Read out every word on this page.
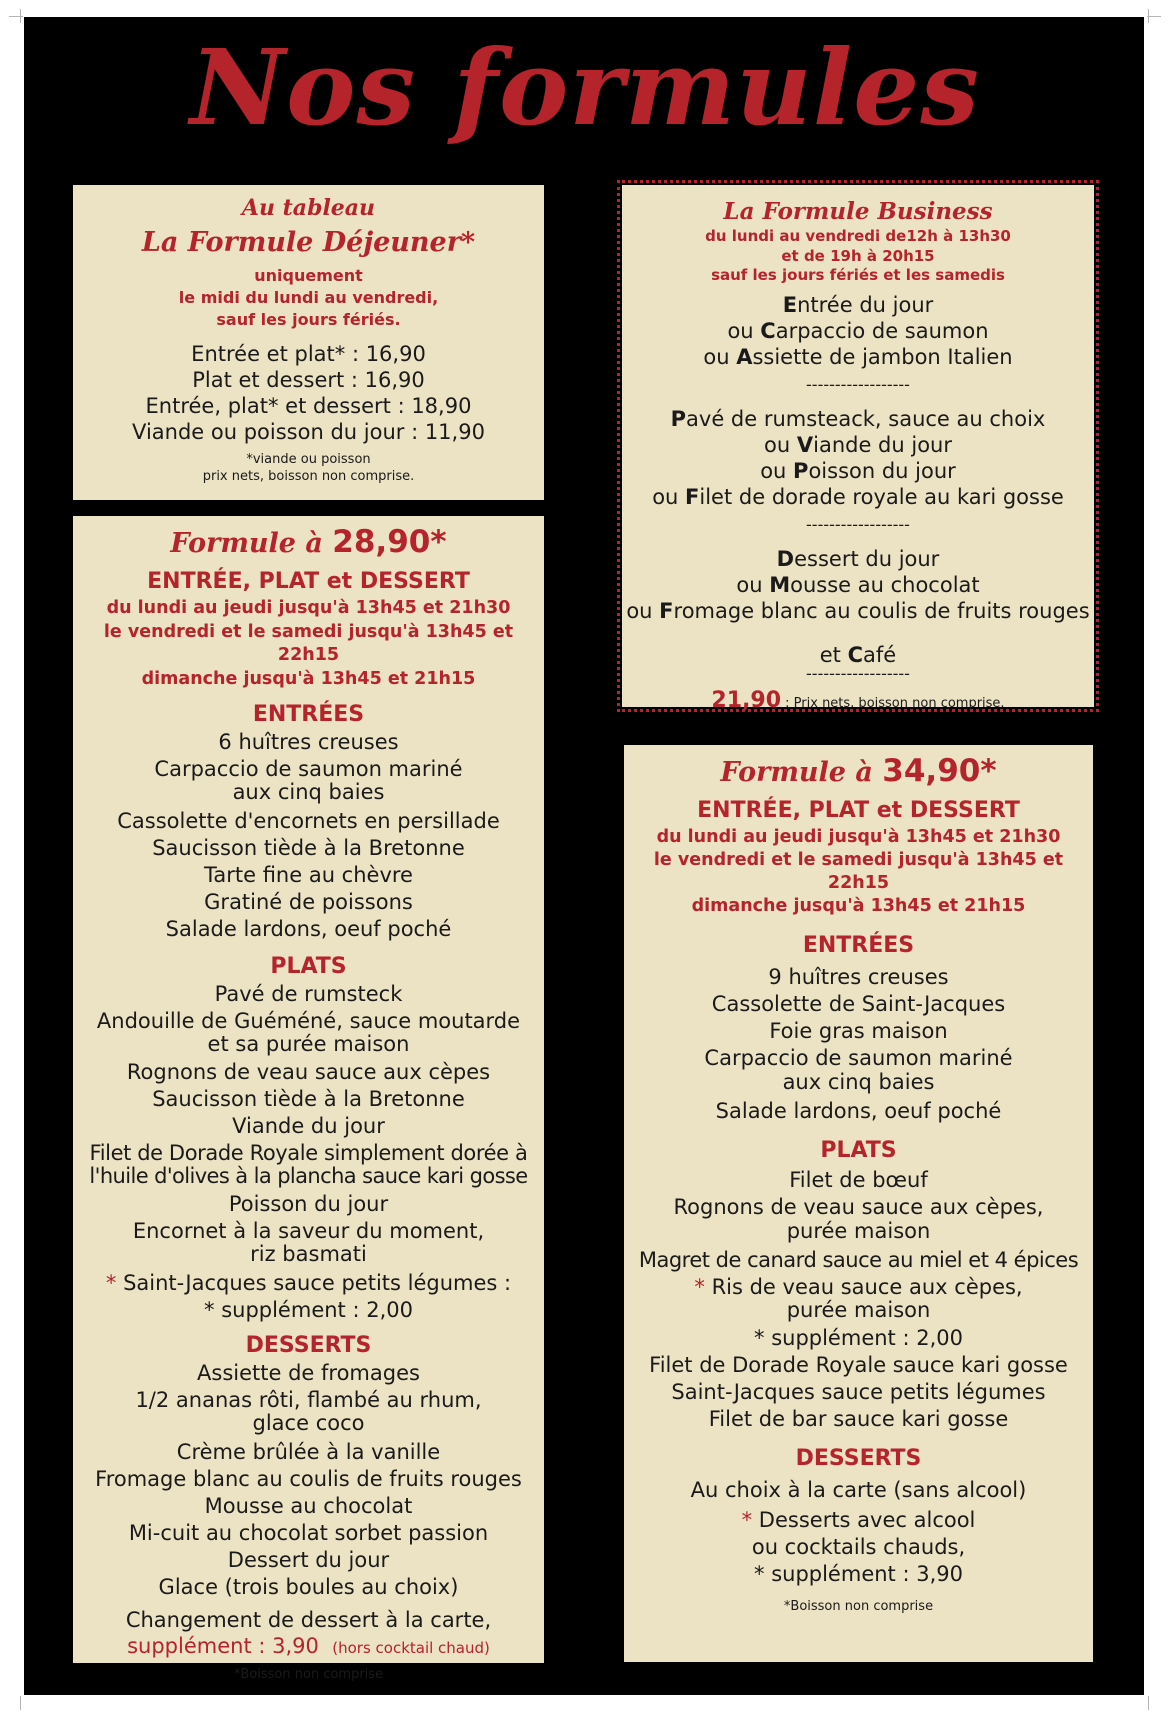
Nos formules

Au tableau

La Formule Déjeuner*

uniquement

le midi du lundi au vendredi,

sauf les jours fériés.

Entrée et plat* : 16,90

Plat et dessert : 16,90

Entrée, plat* et dessert : 18,90

Viande ou poisson du jour : 11,90

*viande ou poisson

prix nets, boisson non comprise.

La Formule Business

du lundi au vendredi de12h à 13h30

et de 19h à 20h15

sauf les jours fériés et les samedis

Entrée du jour

ou Carpaccio de saumon

ou Assiette de jambon Italien

------------------

Pavé de rumsteack, sauce au choix

ou Viande du jour

ou Poisson du jour

ou Filet de dorade royale au kari gosse

------------------

Dessert du jour

ou Mousse au chocolat

ou Fromage blanc au coulis de fruits rouges

et Café

------------------

21,90 : Prix nets, boisson non comprise.

Formule à 28,90*

ENTRÉE, PLAT et DESSERT

du lundi au jeudi jusqu'à 13h45 et 21h30

le vendredi et le samedi jusqu'à 13h45 et 22h15

dimanche jusqu'à 13h45 et 21h15

ENTRÉES

6 huîtres creuses

Carpaccio de saumon mariné

aux cinq baies

Cassolette d'encornets en persillade

Saucisson tiède à la Bretonne

Tarte fine au chèvre

Gratiné de poissons

Salade lardons, oeuf poché

PLATS

Pavé de rumsteck

Andouille de Guéméné, sauce moutarde

et sa purée maison

Rognons de veau sauce aux cèpes

Saucisson tiède à la Bretonne

Viande du jour

Filet de Dorade Royale simplement dorée à

l'huile d'olives à la plancha sauce kari gosse

Poisson du jour

Encornet à la saveur du moment,

riz basmati

* Saint-Jacques sauce petits légumes :

* supplément : 2,00

DESSERTS

Assiette de fromages

1/2 ananas rôti, flambé au rhum,

glace coco

Crème brûlée à la vanille

Fromage blanc au coulis de fruits rouges

Mousse au chocolat

Mi-cuit au chocolat sorbet passion

Dessert du jour

Glace (trois boules au choix)

Changement de dessert à la carte,

supplément : 3,90 (hors cocktail chaud)

*Boisson non comprise

Formule à 34,90*

ENTRÉE, PLAT et DESSERT

du lundi au jeudi jusqu'à 13h45 et 21h30

le vendredi et le samedi jusqu'à 13h45 et 22h15

dimanche jusqu'à 13h45 et 21h15

ENTRÉES

9 huîtres creuses

Cassolette de Saint-Jacques

Foie gras maison

Carpaccio de saumon mariné

aux cinq baies

Salade lardons, oeuf poché

PLATS

Filet de bœuf

Rognons de veau sauce aux cèpes,

purée maison

Magret de canard sauce au miel et 4 épices

* Ris de veau sauce aux cèpes,

purée maison

* supplément : 2,00

Filet de Dorade Royale sauce kari gosse

Saint-Jacques sauce petits légumes

Filet de bar sauce kari gosse

DESSERTS

Au choix à la carte (sans alcool)

* Desserts avec alcool

ou cocktails chauds,

* supplément : 3,90

*Boisson non comprise
